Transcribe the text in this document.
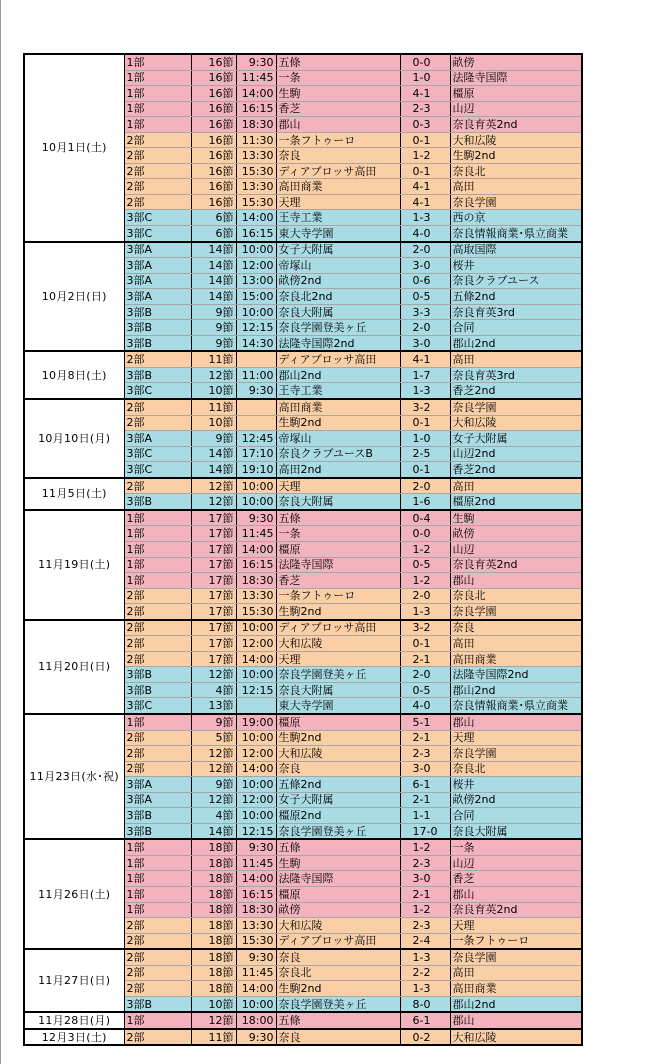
10月1日(土)	1部	16節	9:30	五條	0-0	畝傍
	1部	16節	11:45	一条	1-0	法隆寺国際
	1部	16節	14:00	生駒	4-1	橿原
	1部	16節	16:15	香芝	2-3	山辺
	1部	16節	18:30	郡山	0-3	奈良育英2nd
	2部	16節	11:30	一条フトゥーロ	0-1	大和広陵
	2部	16節	13:30	奈良	1-2	生駒2nd
	2部	16節	15:30	ディアブロッサ高田	0-1	奈良北
	2部	16節	13:30	高田商業	4-1	高田
	2部	16節	15:30	天理	4-1	奈良学園
	3部C	6節	14:00	王寺工業	1-3	西の京
	3部C	6節	16:15	東大寺学園	4-0	奈良情報商業･県立商業
10月2日(日)	3部A	14節	10:00	女子大附属	2-0	高取国際
	3部A	14節	12:00	帝塚山	3-0	桜井
	3部A	14節	13:00	畝傍2nd	0-6	奈良クラブユース
	3部A	14節	15:00	奈良北2nd	0-5	五條2nd
	3部B	9節	10:00	奈良大附属	3-3	奈良育英3rd
	3部B	9節	12:15	奈良学園登美ヶ丘	2-0	合同
	3部B	9節	14:30	法隆寺国際2nd	3-0	郡山2nd
10月8日(土)	2部	11節		ディアブロッサ高田	4-1	高田
	3部B	12節	11:00	郡山2nd	1-7	奈良育英3rd
	3部C	10節	9:30	王寺工業	1-3	香芝2nd
10月10日(月)	2部	11節		高田商業	3-2	奈良学園
	2部	10節		生駒2nd	0-1	大和広陵
	3部A	9節	12:45	帝塚山	1-0	女子大附属
	3部C	14節	17:10	奈良クラブユースB	2-5	山辺2nd
	3部C	14節	19:10	高田2nd	0-1	香芝2nd
11月5日(土)	2部	12節	10:00	天理	2-0	高田
	3部B	12節	10:00	奈良大附属	1-6	橿原2nd
11月19日(土)	1部	17節	9:30	五條	0-4	生駒
	1部	17節	11:45	一条	0-0	畝傍
	1部	17節	14:00	橿原	1-2	山辺
	1部	17節	16:15	法隆寺国際	0-5	奈良育英2nd
	1部	17節	18:30	香芝	1-2	郡山
	2部	17節	13:30	一条フトゥーロ	2-0	奈良北
	2部	17節	15:30	生駒2nd	1-3	奈良学園
11月20日(日)	2部	17節	10:00	ディアブロッサ高田	3-2	奈良
	2部	17節	12:00	大和広陵	0-1	高田
	2部	17節	14:00	天理	2-1	高田商業
	3部B	12節	10:00	奈良学園登美ヶ丘	2-0	法隆寺国際2nd
	3部B	4節	12:15	奈良大附属	0-5	郡山2nd
	3部C	13節		東大寺学園	4-0	奈良情報商業･県立商業
11月23日(水･祝)	1部	9節	19:00	橿原	5-1	郡山
	2部	5節	10:00	生駒2nd	2-1	天理
	2部	12節	12:00	大和広陵	2-3	奈良学園
	2部	12節	14:00	奈良	3-0	奈良北
	3部A	9節	10:00	五條2nd	6-1	桜井
	3部A	12節	12:00	女子大附属	2-1	畝傍2nd
	3部B	4節	10:00	橿原2nd	1-1	合同
	3部B	14節	12:15	奈良学園登美ヶ丘	17-0	奈良大附属
11月26日(土)	1部	18節	9:30	五條	1-2	一条
	1部	18節	11:45	生駒	2-3	山辺
	1部	18節	14:00	法隆寺国際	3-0	香芝
	1部	18節	16:15	橿原	2-1	郡山
	1部	18節	18:30	畝傍	1-2	奈良育英2nd
	2部	18節	13:30	大和広陵	2-3	天理
	2部	18節	15:30	ディアブロッサ高田	2-4	一条フトゥーロ
11月27日(日)	2部	18節	9:30	奈良	1-3	奈良学園
	2部	18節	11:45	奈良北	2-2	高田
	2部	18節	14:00	生駒2nd	1-3	高田商業
	3部B	10節	10:00	奈良学園登美ヶ丘	8-0	郡山2nd
11月28日(月)	1部	12節	18:00	五條	6-1	郡山
12月3日(土)	2部	11節	9:30	奈良	0-2	大和広陵
